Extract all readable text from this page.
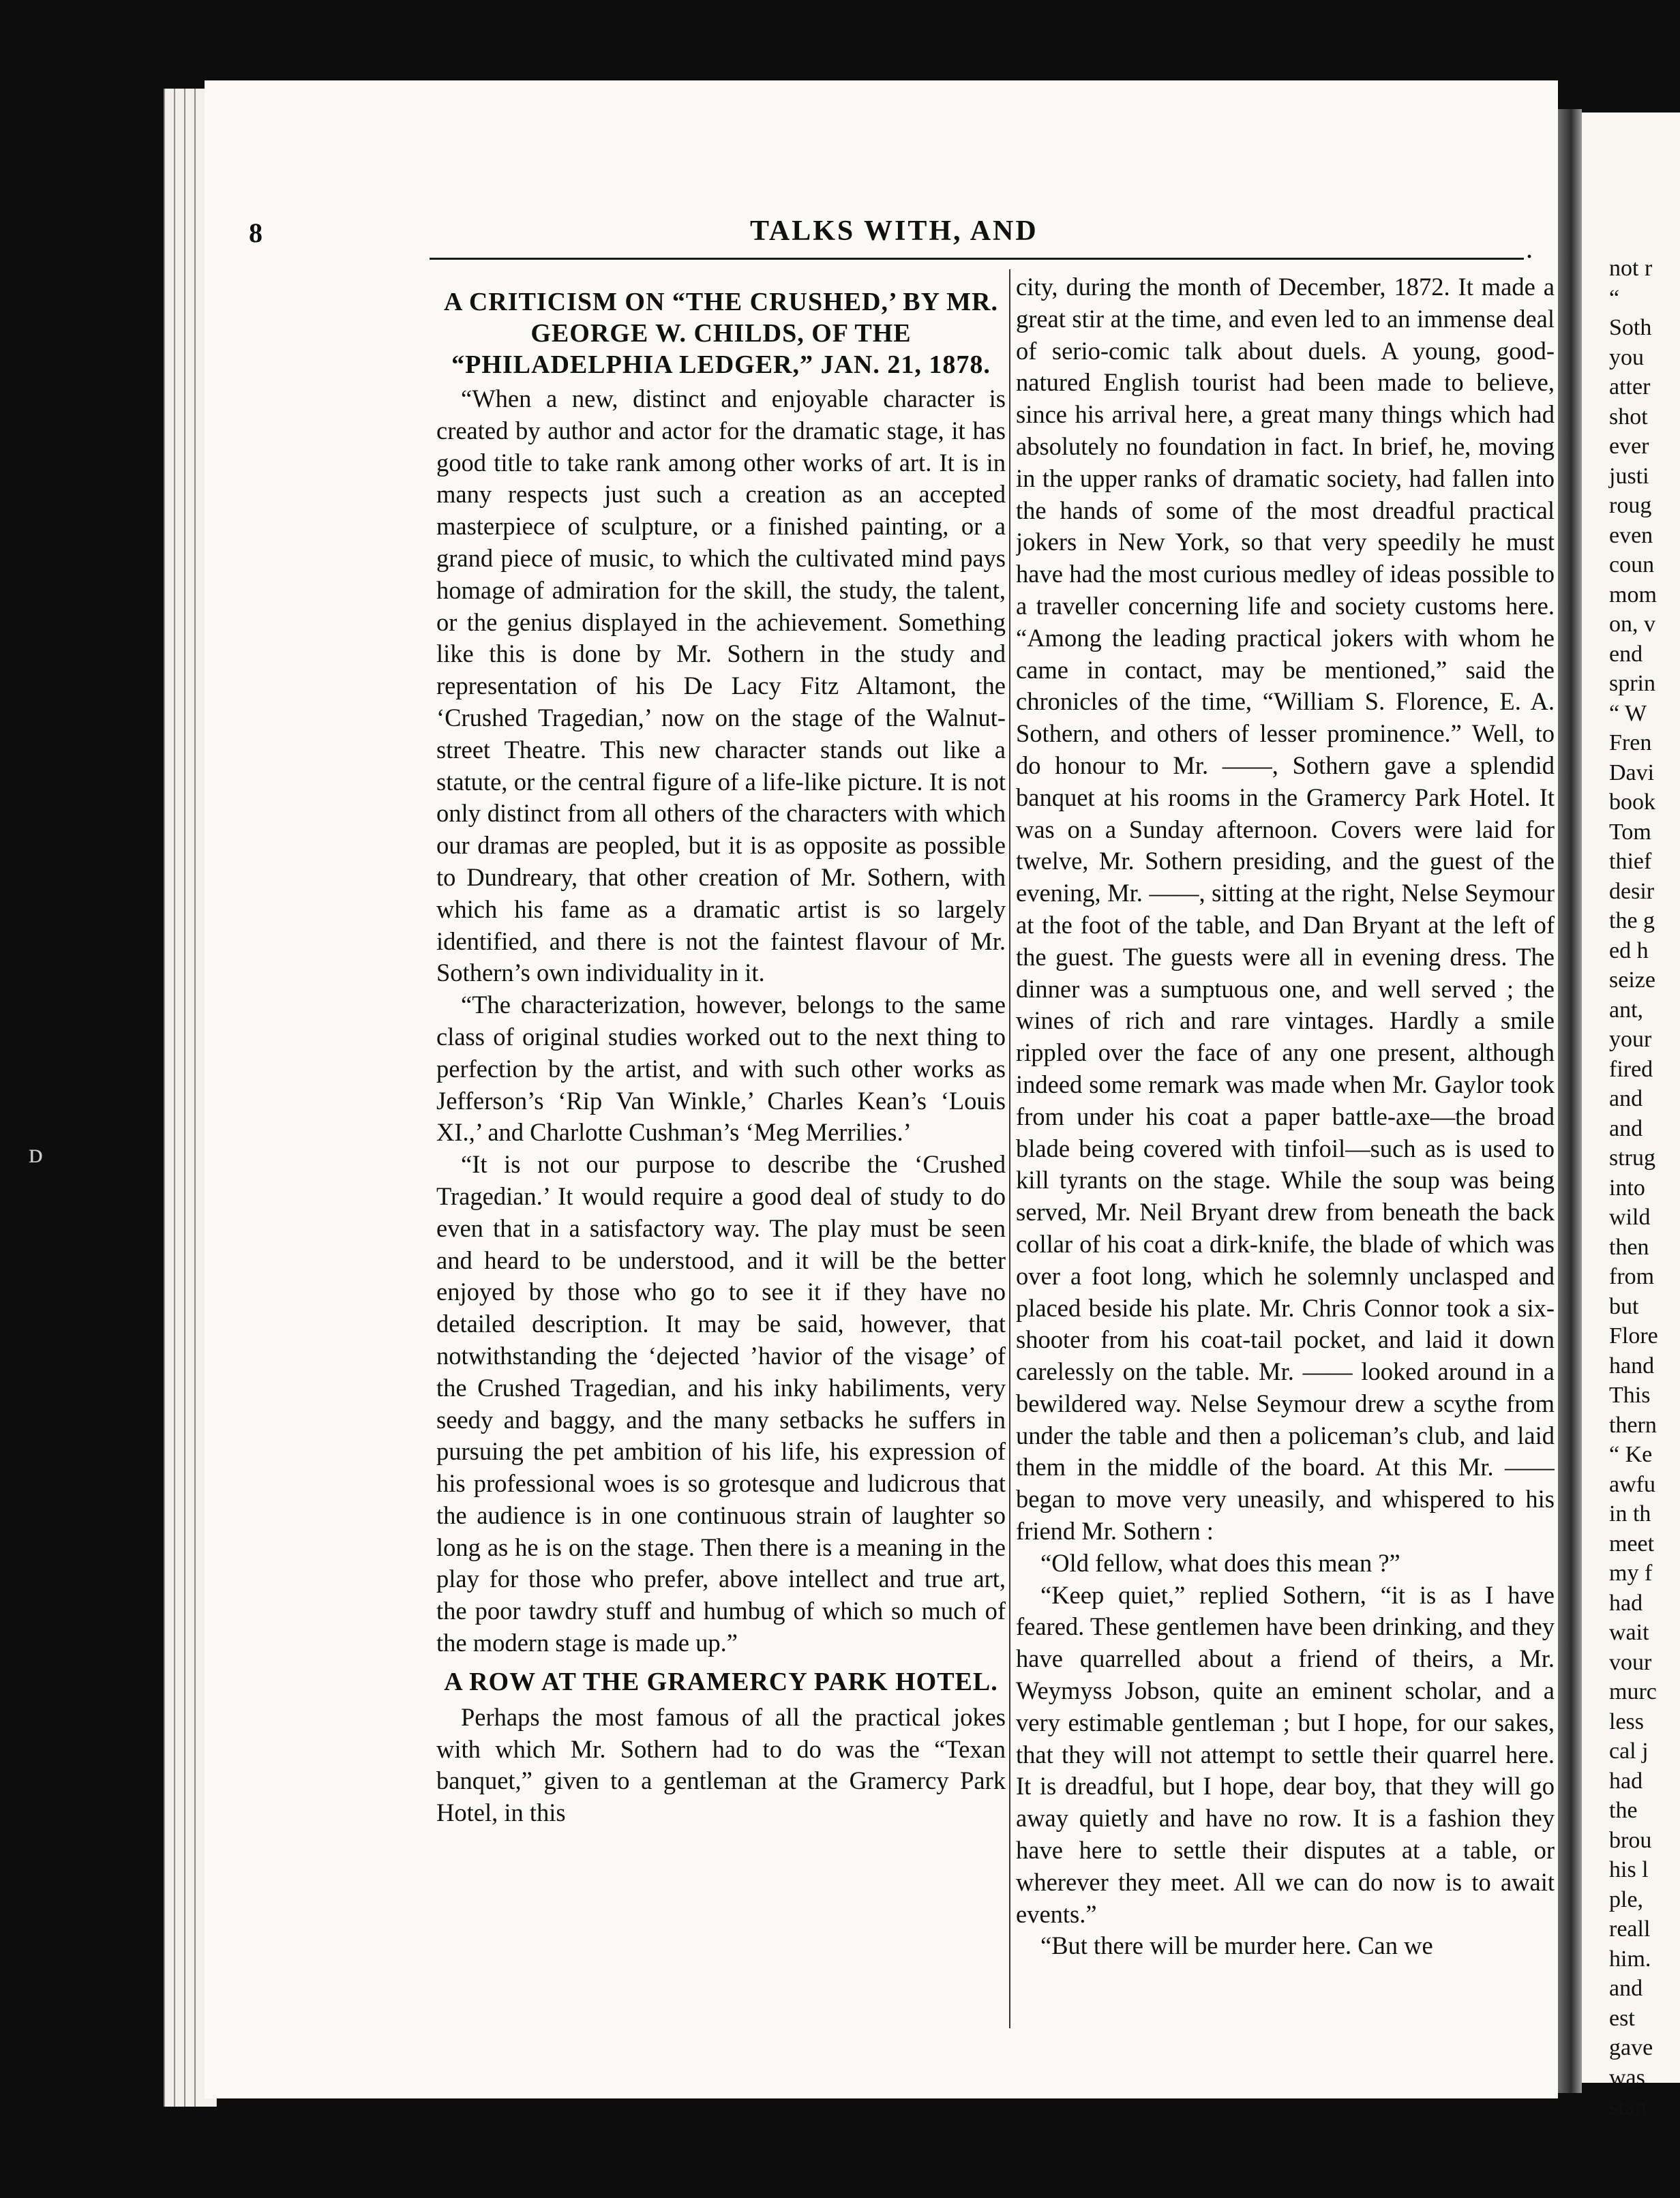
8	TALKS WITH, AND
·
A CRITICISM ON “THE CRUSHED,’ BY MR. GEORGE W. CHILDS, OF THE “PHILADELPHIA LEDGER,” JAN. 21, 1878.

“When a new, distinct and enjoyable character is created by author and actor for the dramatic stage, it has good title to take rank among other works of art. It is in many respects just such a creation as an accepted masterpiece of sculpture, or a finished painting, or a grand piece of music, to which the cultivated mind pays homage of admiration for the skill, the study, the talent, or the genius displayed in the achievement. Something like this is done by Mr. Sothern in the study and representation of his De Lacy Fitz Altamont, the ‘Crushed Tragedian,’ now on the stage of the Walnut-street Theatre. This new character stands out like a statute, or the central figure of a life-like picture. It is not only distinct from all others of the characters with which our dramas are peopled, but it is as opposite as possible to Dundreary, that other creation of Mr. Sothern, with which his fame as a dramatic artist is so largely identified, and there is not the faintest flavour of Mr. Sothern’s own individuality in it.

“The characterization, however, belongs to the same class of original studies worked out to the next thing to perfection by the artist, and with such other works as Jefferson’s ‘Rip Van Winkle,’ Charles Kean’s ‘Louis XI.,’ and Charlotte Cushman’s ‘Meg Merrilies.’

“It is not our purpose to describe the ‘Crushed Tragedian.’ It would require a good deal of study to do even that in a satisfactory way. The play must be seen and heard to be understood, and it will be the better enjoyed by those who go to see it if they have no detailed description. It may be said, however, that notwithstanding the ‘dejected ’havior of the visage’ of the Crushed Tragedian, and his inky habiliments, very seedy and baggy, and the many setbacks he suffers in pursuing the pet ambition of his life, his expression of his professional woes is so grotesque and ludicrous that the audience is in one continuous strain of laughter so long as he is on the stage. Then there is a meaning in the play for those who prefer, above intellect and true art, the poor tawdry stuff and humbug of which so much of the modern stage is made up.”

A ROW AT THE GRAMERCY PARK HOTEL.

Perhaps the most famous of all the practical jokes with which Mr. Sothern had to do was the “Texan banquet,” given to a gentleman at the Gramercy Park Hotel, in this

city, during the month of December, 1872. It made a great stir at the time, and even led to an immense deal of serio-comic talk about duels. A young, good-natured English tourist had been made to believe, since his arrival here, a great many things which had absolutely no foundation in fact. In brief, he, moving in the upper ranks of dramatic society, had fallen into the hands of some of the most dreadful practical jokers in New York, so that very speedily he must have had the most curious medley of ideas possible to a traveller concerning life and society customs here. “Among the leading practical jokers with whom he came in contact, may be mentioned,” said the chronicles of the time, “William S. Florence, E. A. Sothern, and others of lesser prominence.” Well, to do honour to Mr. ——, Sothern gave a splendid banquet at his rooms in the Gramercy Park Hotel. It was on a Sunday afternoon. Covers were laid for twelve, Mr. Sothern presiding, and the guest of the evening, Mr. ——, sitting at the right, Nelse Seymour at the foot of the table, and Dan Bryant at the left of the guest. The guests were all in evening dress. The dinner was a sumptuous one, and well served ; the wines of rich and rare vintages. Hardly a smile rippled over the face of any one present, although indeed some remark was made when Mr. Gaylor took from under his coat a paper battle-axe—the broad blade being covered with tinfoil—such as is used to kill tyrants on the stage. While the soup was being served, Mr. Neil Bryant drew from beneath the back collar of his coat a dirk-knife, the blade of which was over a foot long, which he solemnly unclasped and placed beside his plate. Mr. Chris Connor took a six-shooter from his coat-tail pocket, and laid it down carelessly on the table. Mr. —— looked around in a bewildered way. Nelse Seymour drew a scythe from under the table and then a policeman’s club, and laid them in the middle of the board. At this Mr. —— began to move very uneasily, and whispered to his friend Mr. Sothern :

“Old fellow, what does this mean ?”

“Keep quiet,” replied Sothern, “it is as I have feared. These gentlemen have been drinking, and they have quarrelled about a friend of theirs, a Mr. Weymyss Jobson, quite an eminent scholar, and a very estimable gentleman ; but I hope, for our sakes, that they will not attempt to settle their quarrel here. It is dreadful, but I hope, dear boy, that they will go away quietly and have no row. It is a fashion they have here to settle their disputes at a table, or wherever they meet. All we can do now is to await events.”

“But there will be murder here. Can we

not r
“
Soth
you
atter
shot
ever
justi
roug
even
coun
mom
on, v
end
sprin
“ W
Fren
Davi
book
Tom
thief
desir
the g
ed h
seize
ant,
your
fired
and
and
strug
into
wild
then
from
but
Flore
hand
This
thern
“ Ke
awfu
in th
meet
my f
had
wait
vour
murc
less
cal j
had
the
brou
his l
ple,
reall
him.
and
est
gave
was
stan
ᴅ
